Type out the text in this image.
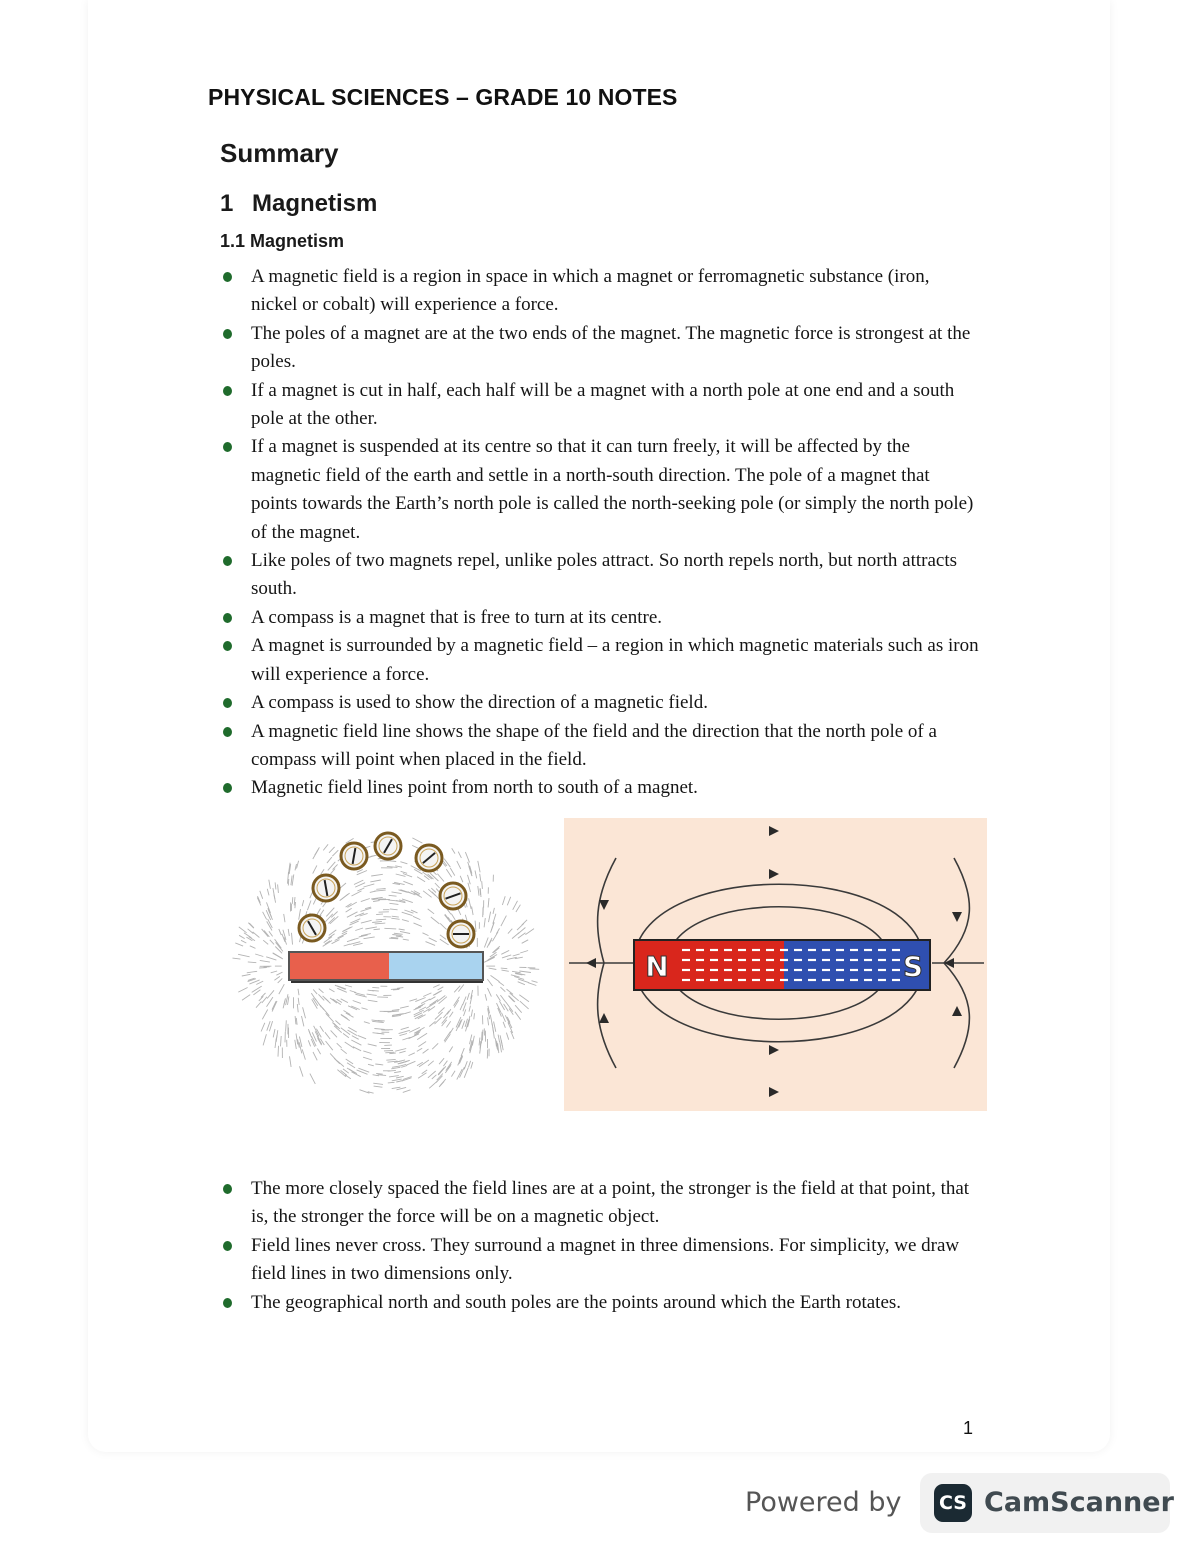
PHYSICAL SCIENCES – GRADE 10 NOTES
Summary
1 Magnetism
1.1 Magnetism
A magnetic field is a region in space in which a magnet or ferromagnetic substance (iron, nickel or cobalt) will experience a force.
The poles of a magnet are at the two ends of the magnet. The magnetic force is strongest at the poles.
If a magnet is cut in half, each half will be a magnet with a north pole at one end and a south pole at the other.
If a magnet is suspended at its centre so that it can turn freely, it will be affected by the magnetic field of the earth and settle in a north-south direction. The pole of a magnet that points towards the Earth’s north pole is called the north-seeking pole (or simply the north pole) of the magnet.
Like poles of two magnets repel, unlike poles attract. So north repels north, but north attracts south.
A compass is a magnet that is free to turn at its centre.
A magnet is surrounded by a magnetic field – a region in which magnetic materials such as iron will experience a force.
A compass is used to show the direction of a magnetic field.
A magnetic field line shows the shape of the field and the direction that the north pole of a compass will point when placed in the field.
Magnetic field lines point from north to south of a magnet.
N	S
The more closely spaced the field lines are at a point, the stronger is the field at that point, that is, the stronger the force will be on a magnetic object.
Field lines never cross. They surround a magnet in three dimensions. For simplicity, we draw field lines in two dimensions only.
The geographical north and south poles are the points around which the Earth rotates.
1
Powered by CS CamScanner
